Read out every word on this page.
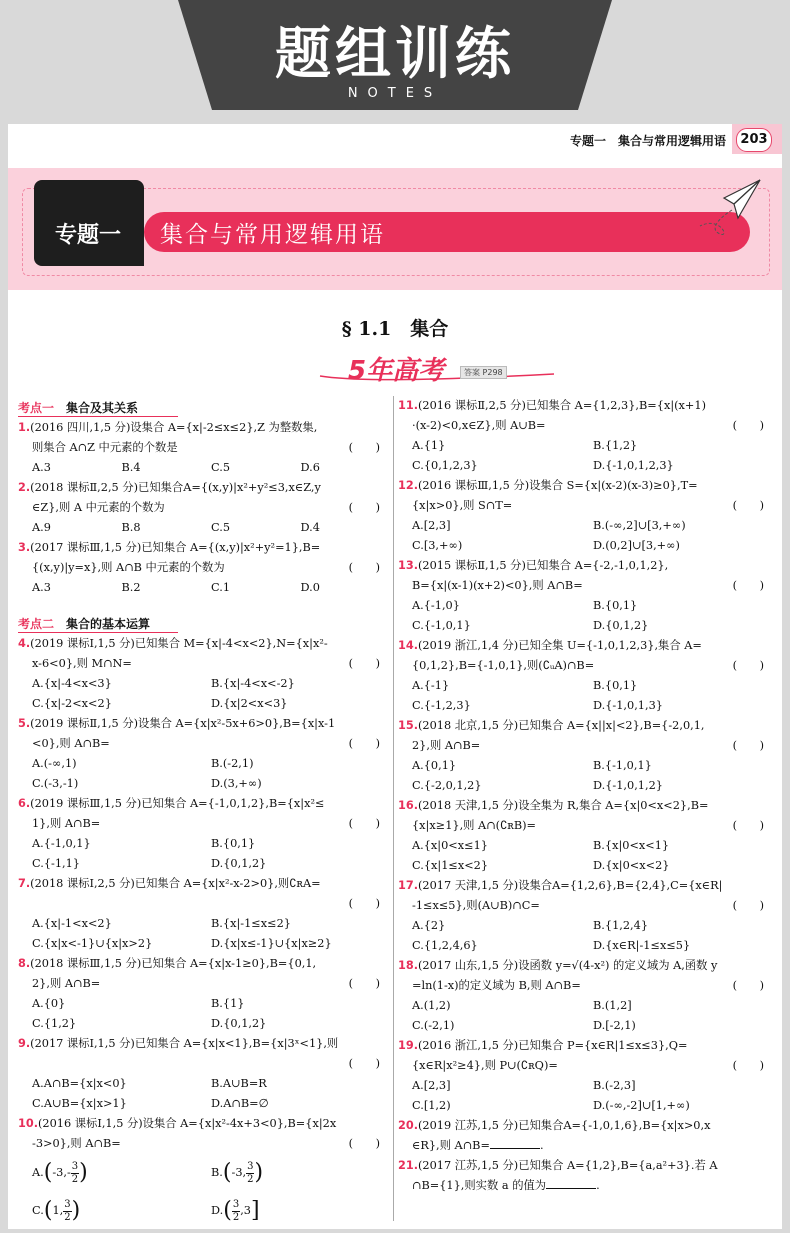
题组训练
NOTES
专题一　集合与常用逻辑用语	203
专题一	集合与常用逻辑用语
§ 1.1　集合
5年高考	答案 P298
考点一　 集合及其关系
1.(2016 四川,1,5 分)设集合 A={x|-2≤x≤2},Z 为整数集,
则集合 A∩Z 中元素的个数是	(　　)
A.3	B.4	C.5	D.6
2.(2018 课标Ⅱ,2,5 分)已知集合A={(x,y)|x²+y²≤3,x∈Z,y
∈Z},则 A 中元素的个数为	(　　)
A.9	B.8	C.5	D.4
3.(2017 课标Ⅲ,1,5 分)已知集合 A={(x,y)|x²+y²=1},B=
{(x,y)|y=x},则 A∩B 中元素的个数为	(　　)
A.3	B.2	C.1	D.0
考点二　 集合的基本运算
4.(2019 课标Ⅰ,1,5 分)已知集合 M={x|-4<x<2},N={x|x²-
x-6<0},则 M∩N=	(　　)
A.{x|-4<x<3}	B.{x|-4<x<-2}
C.{x|-2<x<2}	D.{x|2<x<3}
5.(2019 课标Ⅱ,1,5 分)设集合 A={x|x²-5x+6>0},B={x|x-1
<0},则 A∩B=	(　　)
A.(-∞,1)	B.(-2,1)
C.(-3,-1)	D.(3,+∞)
6.(2019 课标Ⅲ,1,5 分)已知集合 A={-1,0,1,2},B={x|x²≤
1},则 A∩B=	(　　)
A.{-1,0,1}	B.{0,1}
C.{-1,1}	D.{0,1,2}
7.(2018 课标Ⅰ,2,5 分)已知集合 A={x|x²-x-2>0},则∁ʀA=

(　　)
A.{x|-1<x<2}	B.{x|-1≤x≤2}
C.{x|x<-1}∪{x|x>2}	D.{x|x≤-1}∪{x|x≥2}
8.(2018 课标Ⅲ,1,5 分)已知集合 A={x|x-1≥0},B={0,1,
2},则 A∩B=	(　　)
A.{0}	B.{1}
C.{1,2}	D.{0,1,2}
9.(2017 课标Ⅰ,1,5 分)已知集合 A={x|x<1},B={x|3ˣ<1},则

(　　)
A.A∩B={x|x<0}	B.A∪B=R
C.A∪B={x|x>1}	D.A∩B=∅
10.(2016 课标Ⅰ,1,5 分)设集合 A={x|x²-4x+3<0},B={x|2x
-3>0},则 A∩B=	(　　)
$A.(-3,- \frac{3}{2}$ )	B.(-3, $\frac{3}{2}$ )
C.(1, $\frac{3}{2}$ )	$D.( \frac{3}{2} ,3]$
11.(2016 课标Ⅱ,2,5 分)已知集合 A={1,2,3},B={x|(x+1)
·(x-2)<0,x∈Z},则 A∪B=	(　　)
A.{1}	B.{1,2}
C.{0,1,2,3}	D.{-1,0,1,2,3}
12.(2016 课标Ⅲ,1,5 分)设集合 S={x|(x-2)(x-3)≥0},T=
{x|x>0},则 S∩T=	(　　)
A.[2,3]	B.(-∞,2]∪[3,+∞)
C.[3,+∞)	D.(0,2]∪[3,+∞)
13.(2015 课标Ⅱ,1,5 分)已知集合 A={-2,-1,0,1,2},
B={x|(x-1)(x+2)<0},则 A∩B=	(　　)
A.{-1,0}	B.{0,1}
C.{-1,0,1}	D.{0,1,2}
14.(2019 浙江,1,4 分)已知全集 U={-1,0,1,2,3},集合 A=
{0,1,2},B={-1,0,1},则(∁ᵤA)∩B=	(　　)
A.{-1}	B.{0,1}
C.{-1,2,3}	D.{-1,0,1,3}
15.(2018 北京,1,5 分)已知集合 A={x||x|<2},B={-2,0,1,
2},则 A∩B=	(　　)
A.{0,1}	B.{-1,0,1}
C.{-2,0,1,2}	D.{-1,0,1,2}
16.(2018 天津,1,5 分)设全集为 R,集合 A={x|0<x<2},B=
{x|x≥1},则 A∩(∁ʀB)=	(　　)
A.{x|0<x≤1}	B.{x|0<x<1}
C.{x|1≤x<2}	D.{x|0<x<2}
17.(2017 天津,1,5 分)设集合A={1,2,6},B={2,4},C={x∈R|
-1≤x≤5},则(A∪B)∩C=	(　　)
A.{2}	B.{1,2,4}
C.{1,2,4,6}	D.{x∈R|-1≤x≤5}
18.(2017 山东,1,5 分)设函数 y=√(4-x²) 的定义域为 A,函数 y
=ln(1-x)的定义域为 B,则 A∩B=	(　　)
A.(1,2)	B.(1,2]
C.(-2,1)	D.[-2,1)
19.(2016 浙江,1,5 分)已知集合 P={x∈R|1≤x≤3},Q=
{x∈R|x²≥4},则 P∪(∁ʀQ)=	(　　)
A.[2,3]	B.(-2,3]
C.[1,2)	D.(-∞,-2]∪[1,+∞)
20.(2019 江苏,1,5 分)已知集合A={-1,0,1,6},B={x|x>0,x
∈R},则 A∩B=	.
21.(2017 江苏,1,5 分)已知集合 A={1,2},B={a,a²+3}.若 A
∩B={1},则实数 a 的值为	.
